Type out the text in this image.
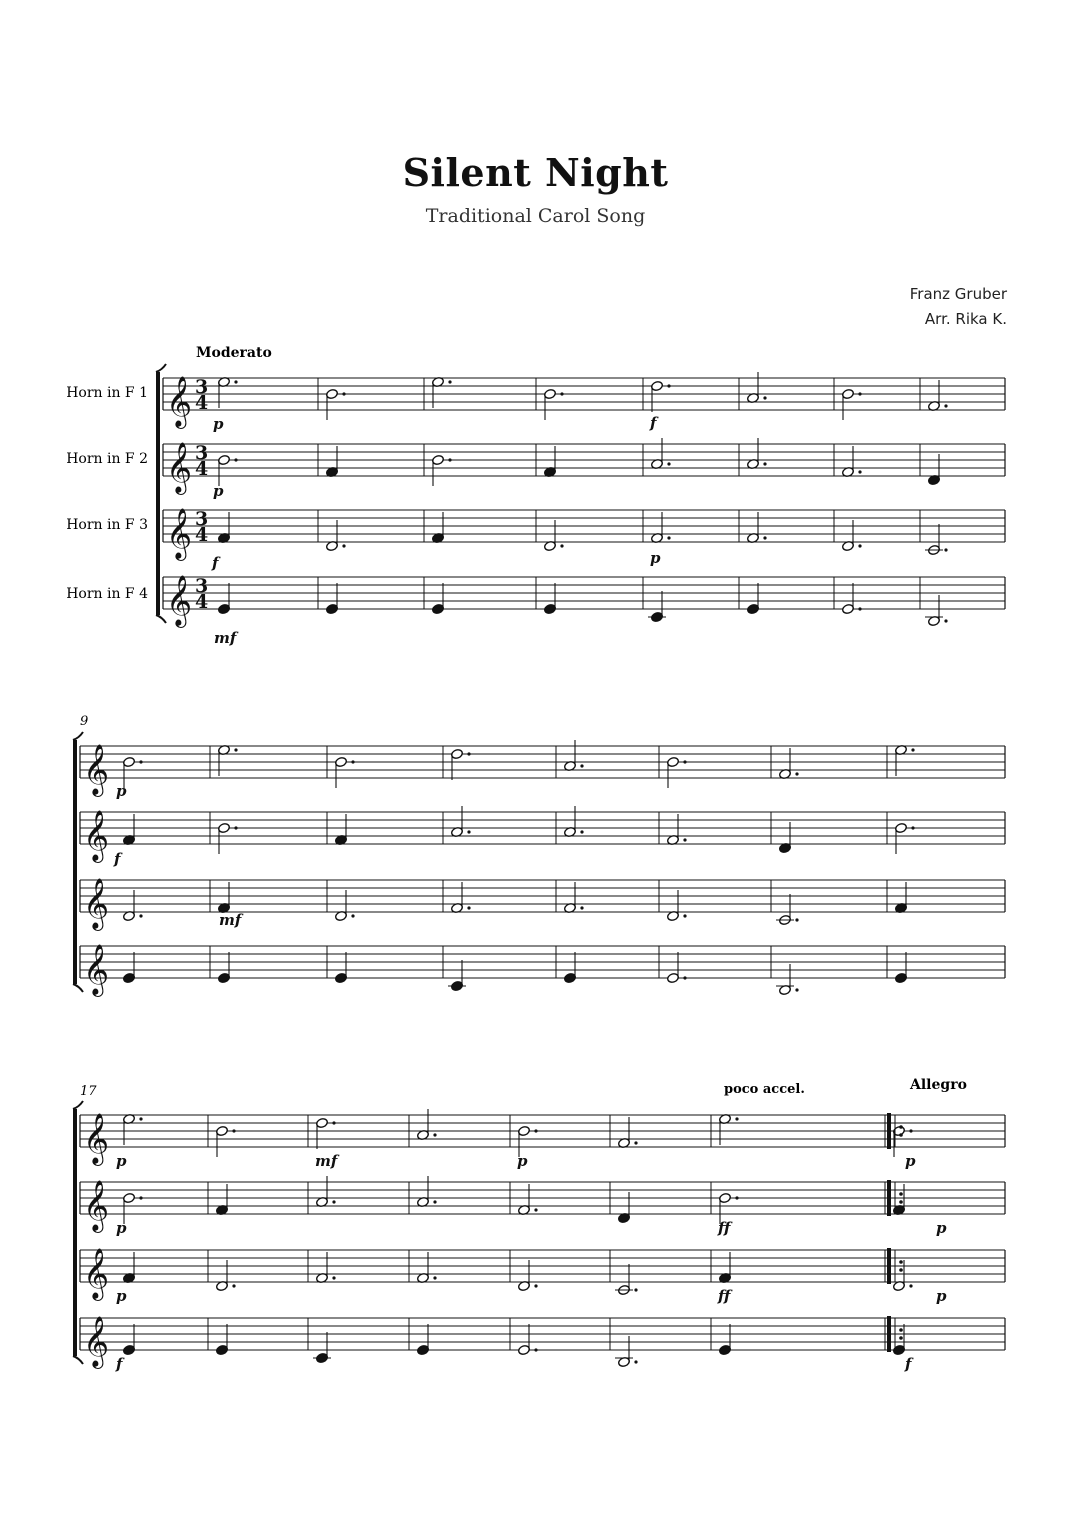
Silent Night
Traditional Carol Song
Franz Gruber
Arr. Rika K.
Moderato
Horn in F 1
Horn in F 2
Horn in F 3
Horn in F 4
9
17	poco accel.	Allegro
𝄞 3
4
𝄞 3
4
𝄞 3
4
𝄞 3
4
𝄞
𝄞
𝄞
𝄞
𝄞
𝄞
𝄞
𝄞
p
p
f
mf
f
p
p
f
mf
p	mf	p	p
p	ff	p
p	ff	p
f	f
